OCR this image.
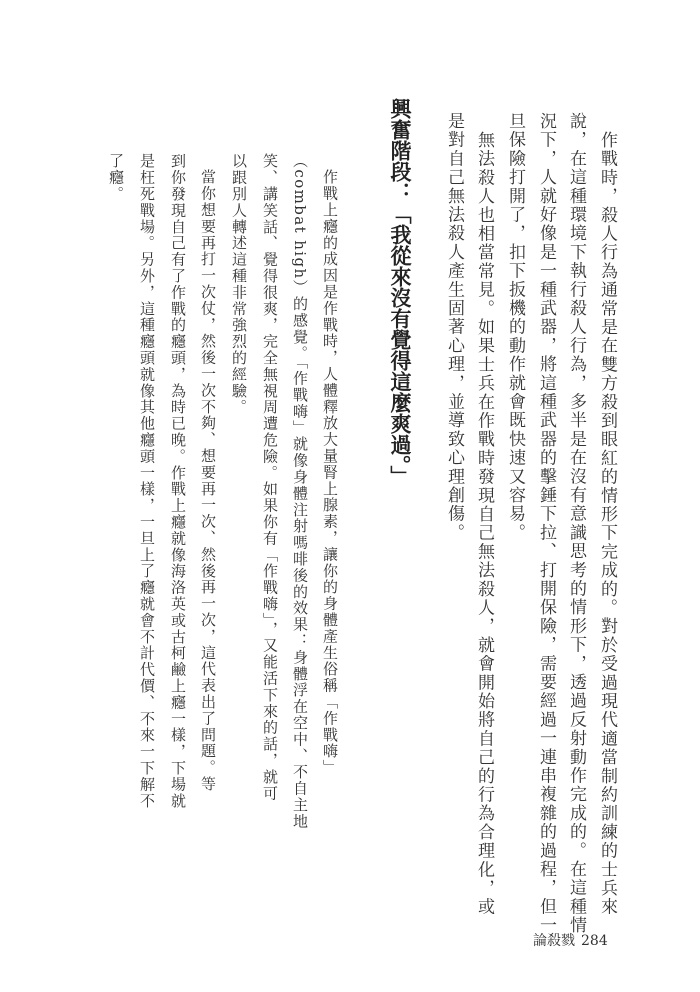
作戰時，殺人行為通常是在雙方殺到眼紅的情形下完成的。對於受過現代適當制約訓練的士兵來
說，在這種環境下執行殺人行為，多半是在沒有意識思考的情形下，透過反射動作完成的。在這種情
況下，人就好像是一種武器，將這種武器的擊錘下拉、打開保險，需要經過一連串複雜的過程，但一
旦保險打開了，扣下扳機的動作就會既快速又容易。
無法殺人也相當常見。如果士兵在作戰時發現自己無法殺人，就會開始將自己的行為合理化，或
是對自己無法殺人產生固著心理，並導致心理創傷。
興奮階段：「我從來沒有覺得這麼爽過。」
作戰上癮的成因是作戰時，人體釋放大量腎上腺素，讓你的身體產生俗稱「作戰嗨」
（combat high）的感覺。「作戰嗨」就像身體注射嗎啡後的效果：身體浮在空中、不自主地
笑、講笑話、覺得很爽，完全無視周遭危險。如果你有「作戰嗨」，又能活下來的話，就可
以跟別人轉述這種非常強烈的經驗。
當你想要再打一次仗，然後一次不夠、想要再一次、然後再一次，這代表出了問題。等
到你發現自己有了作戰的癮頭，為時已晚。作戰上癮就像海洛英或古柯鹼上癮一樣，下場就
是枉死戰場。另外，這種癮頭就像其他癮頭一樣，一旦上了癮就會不計代價、不來一下解不
了癮。
論殺戮 284
